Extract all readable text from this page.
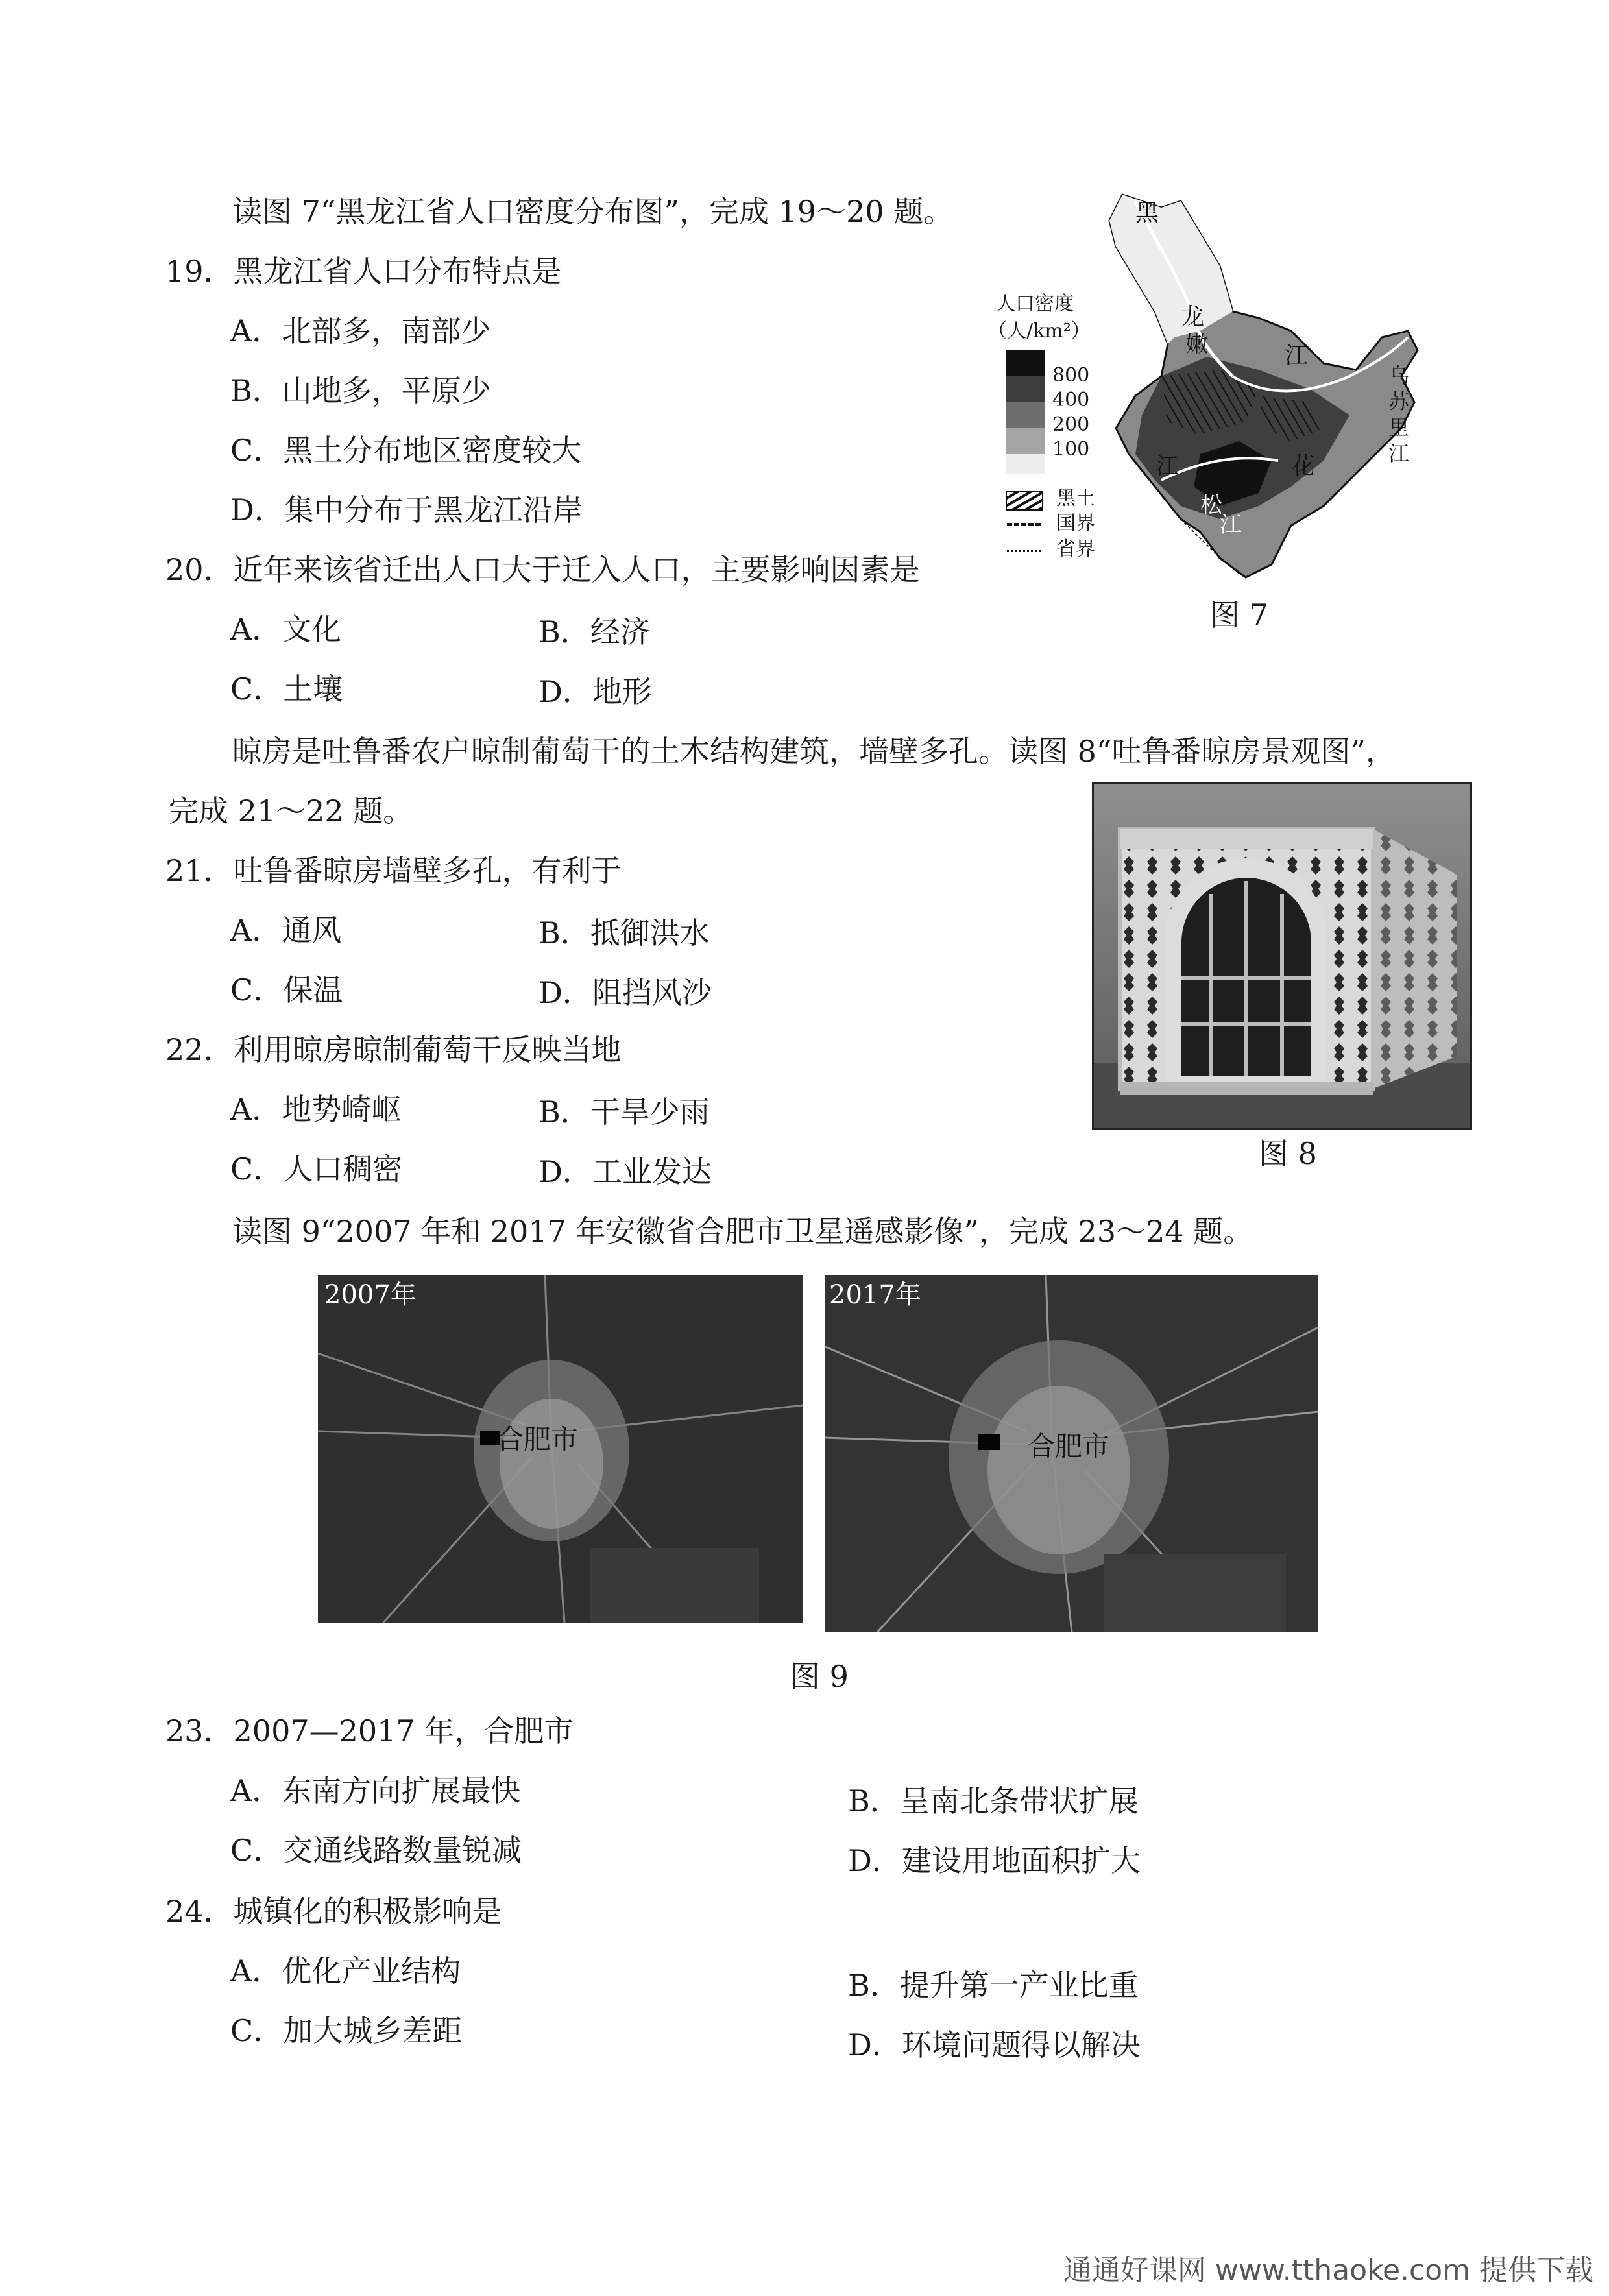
读图 7“黑龙江省人口密度分布图”，完成 19～20 题。
19．黑龙江省人口分布特点是
A．北部多，南部少
B．山地多，平原少
C．黑土分布地区密度较大
D．集中分布于黑龙江沿岸
20．近年来该省迁出人口大于迁入人口，主要影响因素是
A．文化	B．经济
C．土壤	D．地形
黑
龙
江
嫩
江	花
松
江
乌
苏
里
江
人口密度
（人/km²）
800
400
200
100
黑土
国界
省界
图 7
晾房是吐鲁番农户晾制葡萄干的土木结构建筑，墙壁多孔。读图 8“吐鲁番晾房景观图”，
完成 21～22 题。
21．吐鲁番晾房墙壁多孔，有利于
A．通风	B．抵御洪水
C．保温	D．阻挡风沙
22．利用晾房晾制葡萄干反映当地
A．地势崎岖	B．干旱少雨
C．人口稠密	D．工业发达
图 8
读图 9“2007 年和 2017 年安徽省合肥市卫星遥感影像”，完成 23～24 题。
2007年
合肥市
2017年
合肥市
图 9
23．2007—2017 年，合肥市
A．东南方向扩展最快	B．呈南北条带状扩展
C．交通线路数量锐减	D．建设用地面积扩大
24．城镇化的积极影响是
A．优化产业结构	B．提升第一产业比重
C．加大城乡差距	D．环境问题得以解决
通通好课网 www.tthaoke.com 提供下载
